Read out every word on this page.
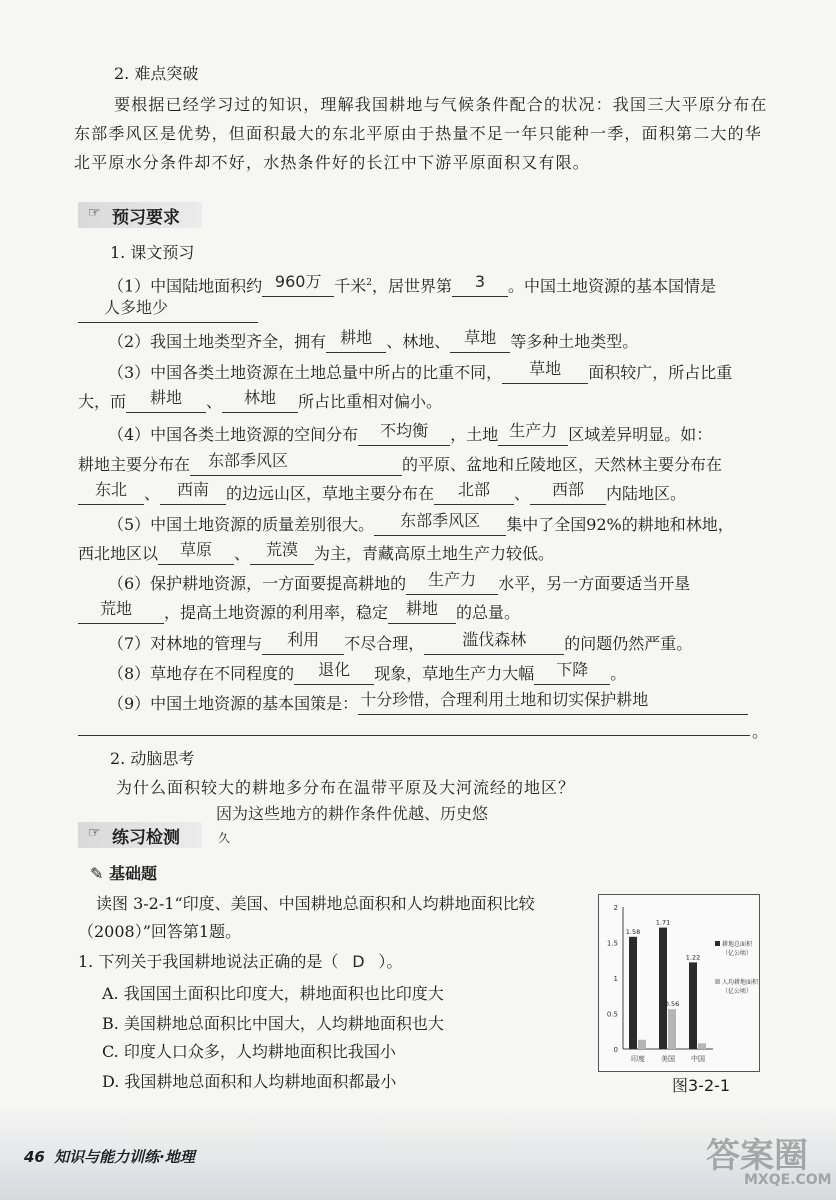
2. 难点突破
要根据已经学习过的知识，理解我国耕地与气候条件配合的状况：我国三大平原分布在
东部季风区是优势，但面积最大的东北平原由于热量不足一年只能种一季，面积第二大的华
北平原水分条件却不好，水热条件好的长江中下游平原面积又有限。
☞ 预习要求
1. 课文预习
（1）中国陆地面积约 960万 千米$^2$，居世界第 3 。中国土地资源的基本国情是
人多地少
（2）我国土地类型齐全，拥有 耕地 、林地、 草地 等多种土地类型。
（3）中国各类土地资源在土地总量中所占的比重不同， 草地 面积较广，所占比重
大，而 耕地 、 林地 所占比重相对偏小。
（4）中国各类土地资源的空间分布 不均衡 ，土地 生产力 区域差异明显。如：
耕地主要分布在 东部季风区	的平原、盆地和丘陵地区，天然林主要分布在
东北 、 西南 的边远山区，草地主要分布在 北部 、 西部 内陆地区。
（5）中国土地资源的质量差别很大。 东部季风区 集中了全国92%的耕地和林地，
西北地区以 草原 、 荒漠 为主，青藏高原土地生产力较低。
（6）保护耕地资源，一方面要提高耕地的 生产力 水平，另一方面要适当开垦
荒地 ，提高土地资源的利用率，稳定 耕地 的总量。
（7）对林地的管理与 利用 不尽合理， 滥伐森林 的问题仍然严重。
（8）草地存在不同程度的 退化 现象，草地生产力大幅 下降 。
（9）中国土地资源的基本国策是： 十分珍惜，合理利用土地和切实保护耕地
。
2. 动脑思考
为什么面积较大的耕地多分布在温带平原及大河流经的地区？
因为这些地方的耕作条件优越、历史悠
久
☞ 练习检测
✎ 基础题
读图 3-2-1“印度、美国、中国耕地总面积和人均耕地面积比较
（2008）”回答第1题。
1. 下列关于我国耕地说法正确的是（ D ）。
A. 我国国土面积比印度大，耕地面积也比印度大
B. 美国耕地总面积比中国大，人均耕地面积也大
C. 印度人口众多，人均耕地面积比我国小
D. 我国耕地总面积和人均耕地面积都最小
0
0.5
1
1.5
2
1.58
印度
1.71
0.56
美国
1.22
中国
耕地总面积（亿公顷）
人均耕地面积（亿公顷）
图3-2-1
46 知识与能力训练·地理	答案圈
MXQE.COM
